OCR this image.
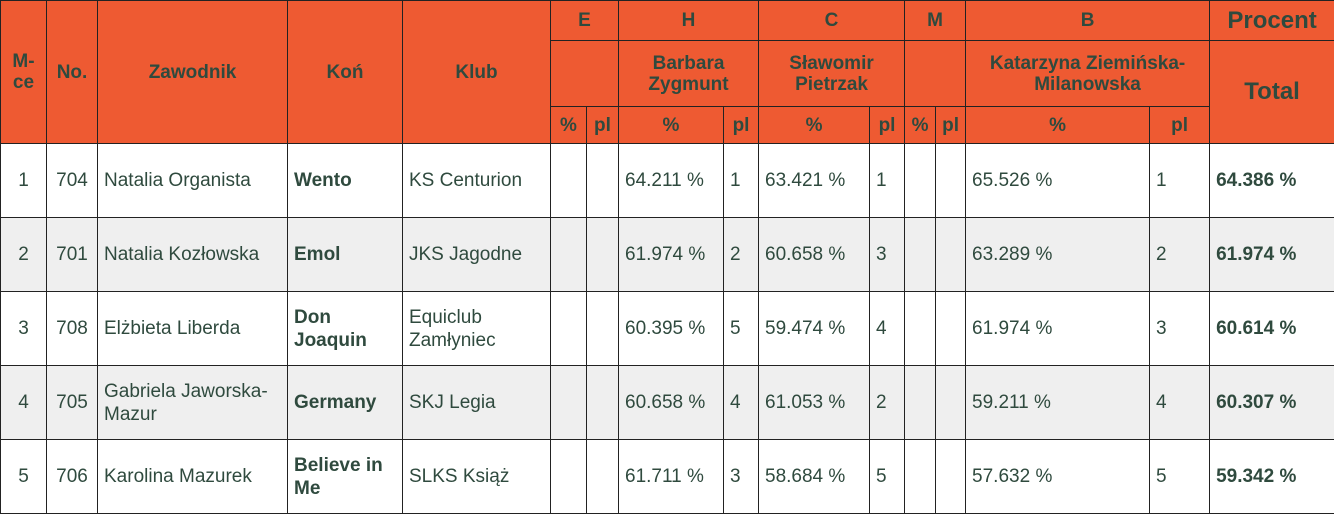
M-ce	No.	Zawodnik	Koń	Klub	E		H		C		M		B		Procent
							Barbara Zygmunt		Sławomir Pietrzak				Katarzyna Ziemińska-Milanowska		Total
					%	pl	%	pl	%	pl	%	pl	%	pl	
1	704	Natalia Organista	Wento	KS Centurion			64.211 %	1	63.421 %	1			65.526 %	1	64.386 %
2	701	Natalia Kozłowska	Emol	JKS Jagodne			61.974 %	2	60.658 %	3			63.289 %	2	61.974 %
3	708	Elżbieta Liberda	Don Joaquin	Equiclub Zamłyniec			60.395 %	5	59.474 %	4			61.974 %	3	60.614 %
4	705	Gabriela Jaworska-Mazur	Germany	SKJ Legia			60.658 %	4	61.053 %	2			59.211 %	4	60.307 %
5	706	Karolina Mazurek	Believe in Me	SLKS Książ			61.711 %	3	58.684 %	5			57.632 %	5	59.342 %
